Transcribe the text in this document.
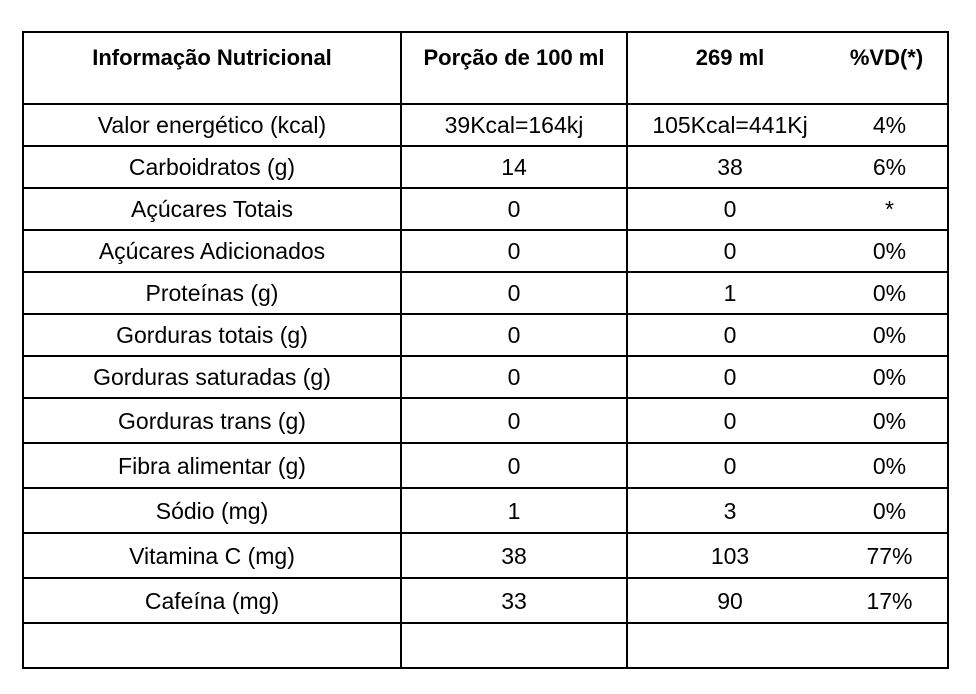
Informação Nutricional	Porção de 100 ml	269 ml	%VD(*)
Valor energético (kcal)	39Kcal=164kj	105Kcal=441Kj	4%
Carboidratos (g)	14	38	6%
Açúcares Totais	0	0	*
Açúcares Adicionados	0	0	0%
Proteínas (g)	0	1	0%
Gorduras totais (g)	0	0	0%
Gorduras saturadas (g)	0	0	0%
Gorduras trans (g)	0	0	0%
Fibra alimentar (g)	0	0	0%
Sódio (mg)	1	3	0%
Vitamina C (mg)	38	103	77%
Cafeína (mg)	33	90	17%
